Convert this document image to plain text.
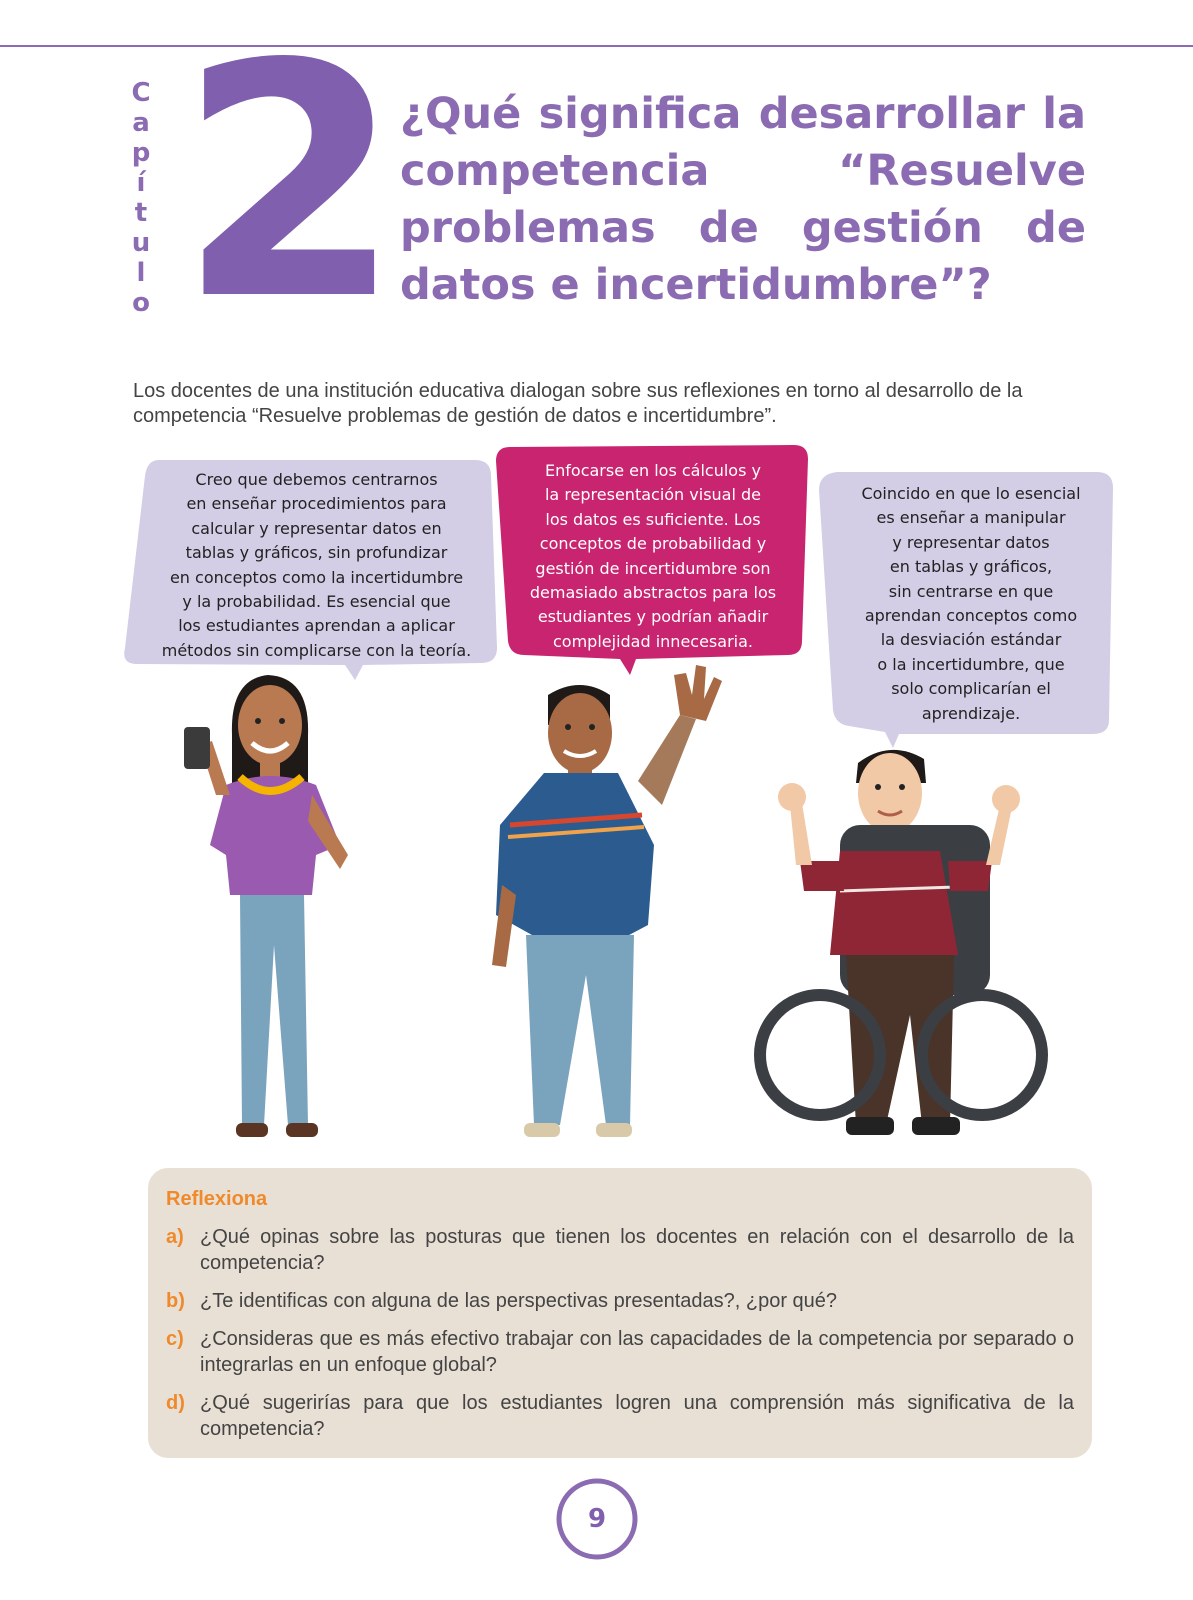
C
a
p
í
t
u
l
o 2 ¿Qué significa desarrollar la competencia “Resuelve problemas de gestión de datos e incertidumbre”?

Los docentes de una institución educativa dialogan sobre sus reflexiones en torno al desarrollo de la competencia “Resuelve problemas de gestión de datos e incertidumbre”.

Creo que debemos centrarnos

en enseñar procedimientos para

calcular y representar datos en

tablas y gráficos, sin profundizar

en conceptos como la incertidumbre

y la probabilidad. Es esencial que

los estudiantes aprendan a aplicar

métodos sin complicarse con la teoría.

Enfocarse en los cálculos y

la representación visual de

los datos es suficiente. Los

conceptos de probabilidad y

gestión de incertidumbre son

demasiado abstractos para los

estudiantes y podrían añadir

complejidad innecesaria.

Coincido en que lo esencial

es enseñar a manipular

y representar datos

en tablas y gráficos,

sin centrarse en que

aprendan conceptos como

la desviación estándar

o la incertidumbre, que

solo complicarían el

aprendizaje.

Reflexiona
a) ¿Qué opinas sobre las posturas que tienen los docentes en relación con el desarrollo de la competencia?
b) ¿Te identificas con alguna de las perspectivas presentadas?, ¿por qué?
c) ¿Consideras que es más efectivo trabajar con las capacidades de la competencia por separado o integrarlas en un enfoque global?
d) ¿Qué sugerirías para que los estudiantes logren una comprensión más significativa de la competencia?
9
